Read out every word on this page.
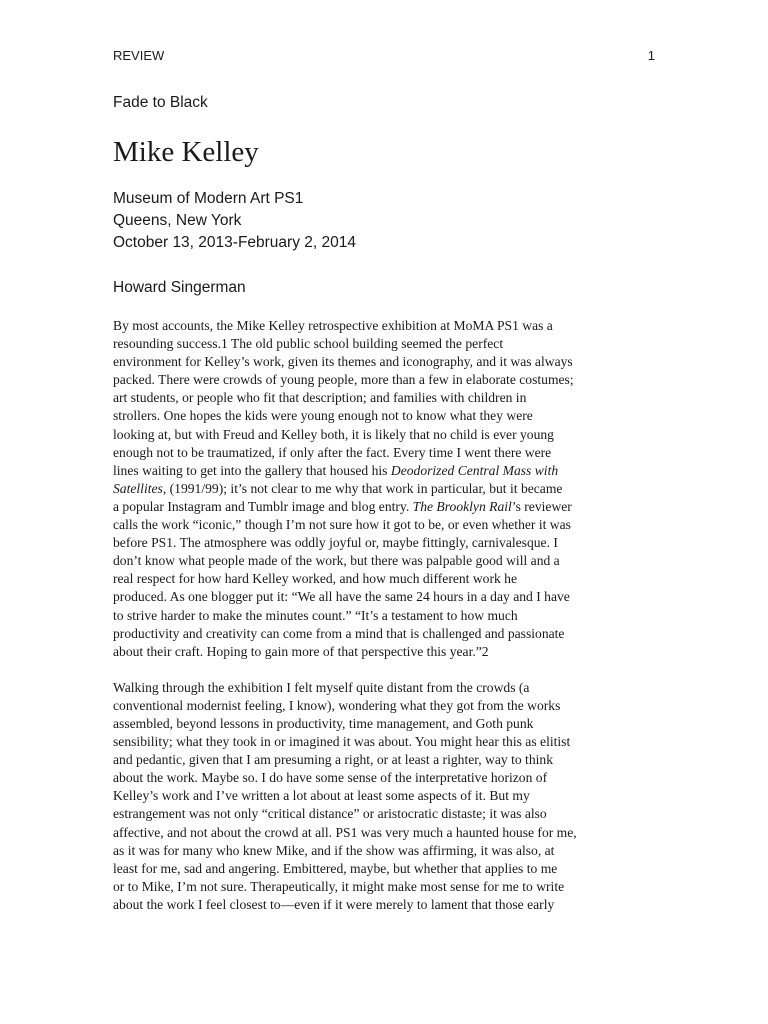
REVIEW	1
Fade to Black
Mike Kelley
Museum of Modern Art PS1
Queens, New York
October 13, 2013-February 2, 2014
Howard Singerman

By most accounts, the Mike Kelley retrospective exhibition at MoMA PS1 was a
resounding success.1 The old public school building seemed the perfect
environment for Kelley’s work, given its themes and iconography, and it was always
packed. There were crowds of young people, more than a few in elaborate costumes;
art students, or people who fit that description; and families with children in
strollers. One hopes the kids were young enough not to know what they were
looking at, but with Freud and Kelley both, it is likely that no child is ever young
enough not to be traumatized, if only after the fact. Every time I went there were
lines waiting to get into the gallery that housed his Deodorized Central Mass with
Satellites, (1991/99); it’s not clear to me why that work in particular, but it became
a popular Instagram and Tumblr image and blog entry. The Brooklyn Rail’s reviewer
calls the work “iconic,” though I’m not sure how it got to be, or even whether it was
before PS1. The atmosphere was oddly joyful or, maybe fittingly, carnivalesque. I
don’t know what people made of the work, but there was palpable good will and a
real respect for how hard Kelley worked, and how much different work he
produced. As one blogger put it: “We all have the same 24 hours in a day and I have
to strive harder to make the minutes count.” “It’s a testament to how much
productivity and creativity can come from a mind that is challenged and passionate
about their craft. Hoping to gain more of that perspective this year.”2

Walking through the exhibition I felt myself quite distant from the crowds (a
conventional modernist feeling, I know), wondering what they got from the works
assembled, beyond lessons in productivity, time management, and Goth punk
sensibility; what they took in or imagined it was about. You might hear this as elitist
and pedantic, given that I am presuming a right, or at least a righter, way to think
about the work. Maybe so. I do have some sense of the interpretative horizon of
Kelley’s work and I’ve written a lot about at least some aspects of it. But my
estrangement was not only “critical distance” or aristocratic distaste; it was also
affective, and not about the crowd at all. PS1 was very much a haunted house for me,
as it was for many who knew Mike, and if the show was affirming, it was also, at
least for me, sad and angering. Embittered, maybe, but whether that applies to me
or to Mike, I’m not sure. Therapeutically, it might make most sense for me to write
about the work I feel closest to—even if it were merely to lament that those early
